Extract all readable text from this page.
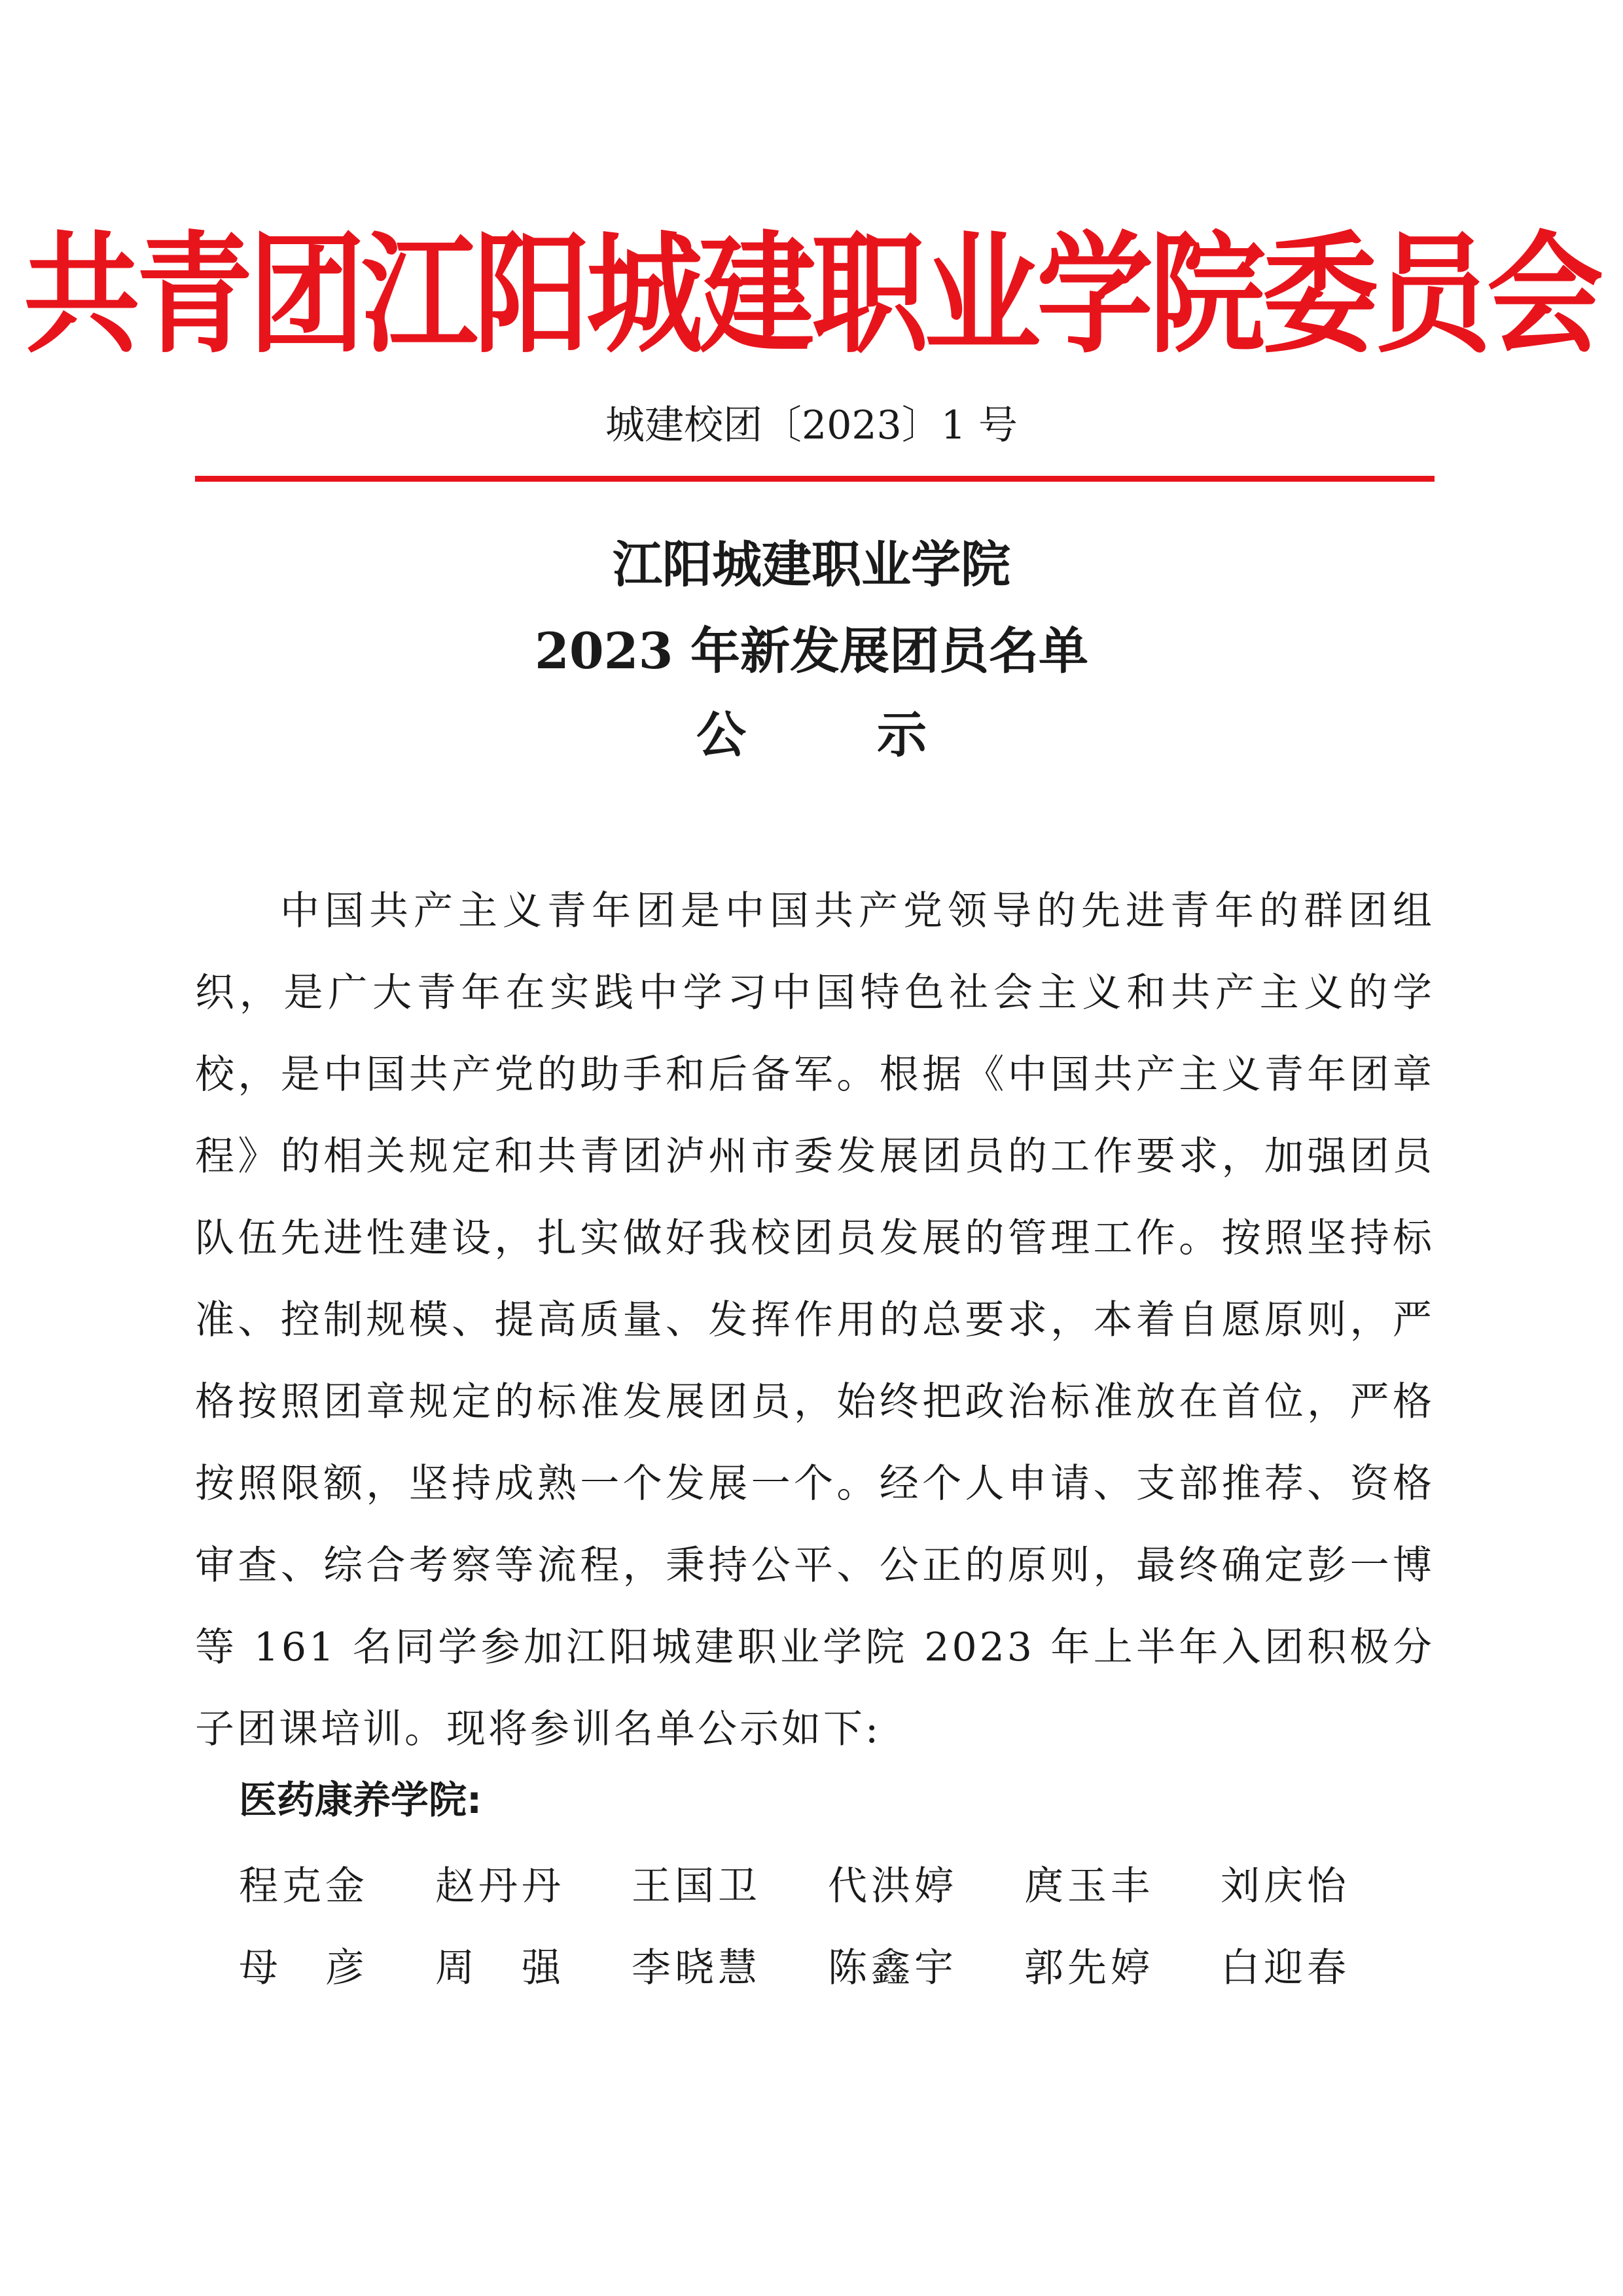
共青团江阳城建职业学院委员会
城建校团〔2023〕1 号
江阳城建职业学院
2023 年新发展团员名单
公示

中国共产主义青年团是中国共产党领导的先进青年的群团组织，是广大青年在实践中学习中国特色社会主义和共产主义的学校，是中国共产党的助手和后备军。根据《中国共产主义青年团章程》的相关规定和共青团泸州市委发展团员的工作要求，加强团员队伍先进性建设，扎实做好我校团员发展的管理工作。按照坚持标准、控制规模、提高质量、发挥作用的总要求，本着自愿原则，严格按照团章规定的标准发展团员，始终把政治标准放在首位，严格按照限额，坚持成熟一个发展一个。经个人申请、支部推荐、资格审查、综合考察等流程，秉持公平、公正的原则，最终确定彭一博等 161 名同学参加江阳城建职业学院 2023 年上半年入团积极分子团课培训。现将参训名单公示如下:

医药康养学院:
程克金	赵丹丹	王国卫	代洪婷	庹玉丰	刘庆怡
母　彦	周　强	李晓慧	陈鑫宇	郭先婷	白迎春
